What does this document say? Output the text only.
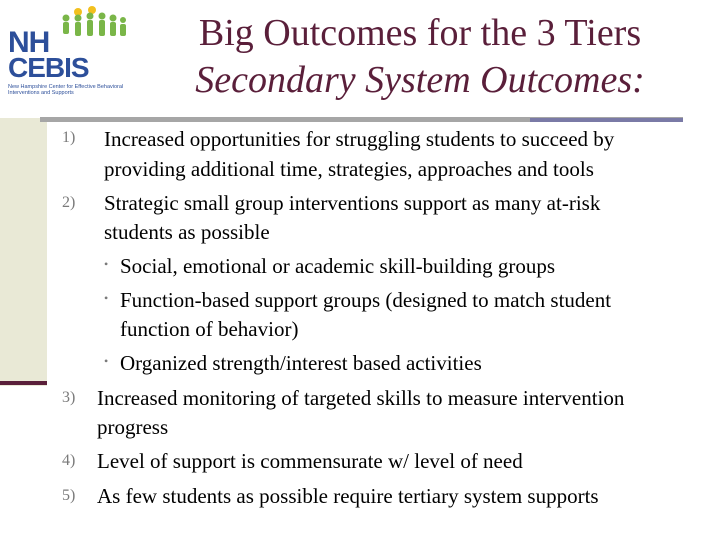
NH
CEBIS
New Hampshire Center for Effective Behavioral Interventions and Supports
Big Outcomes for the 3 Tiers
Secondary System Outcomes:
1) Increased opportunities for struggling students to succeed by
providing additional time, strategies, approaches and tools
2) Strategic small group interventions support as many at-risk
students as possible
• Social, emotional or academic skill-building groups
• Function-based support groups (designed to match student
function of behavior)
• Organized strength/interest based activities
3) Increased monitoring of targeted skills to measure intervention
progress
4) Level of support is commensurate w/ level of need
5) As few students as possible require tertiary system supports
